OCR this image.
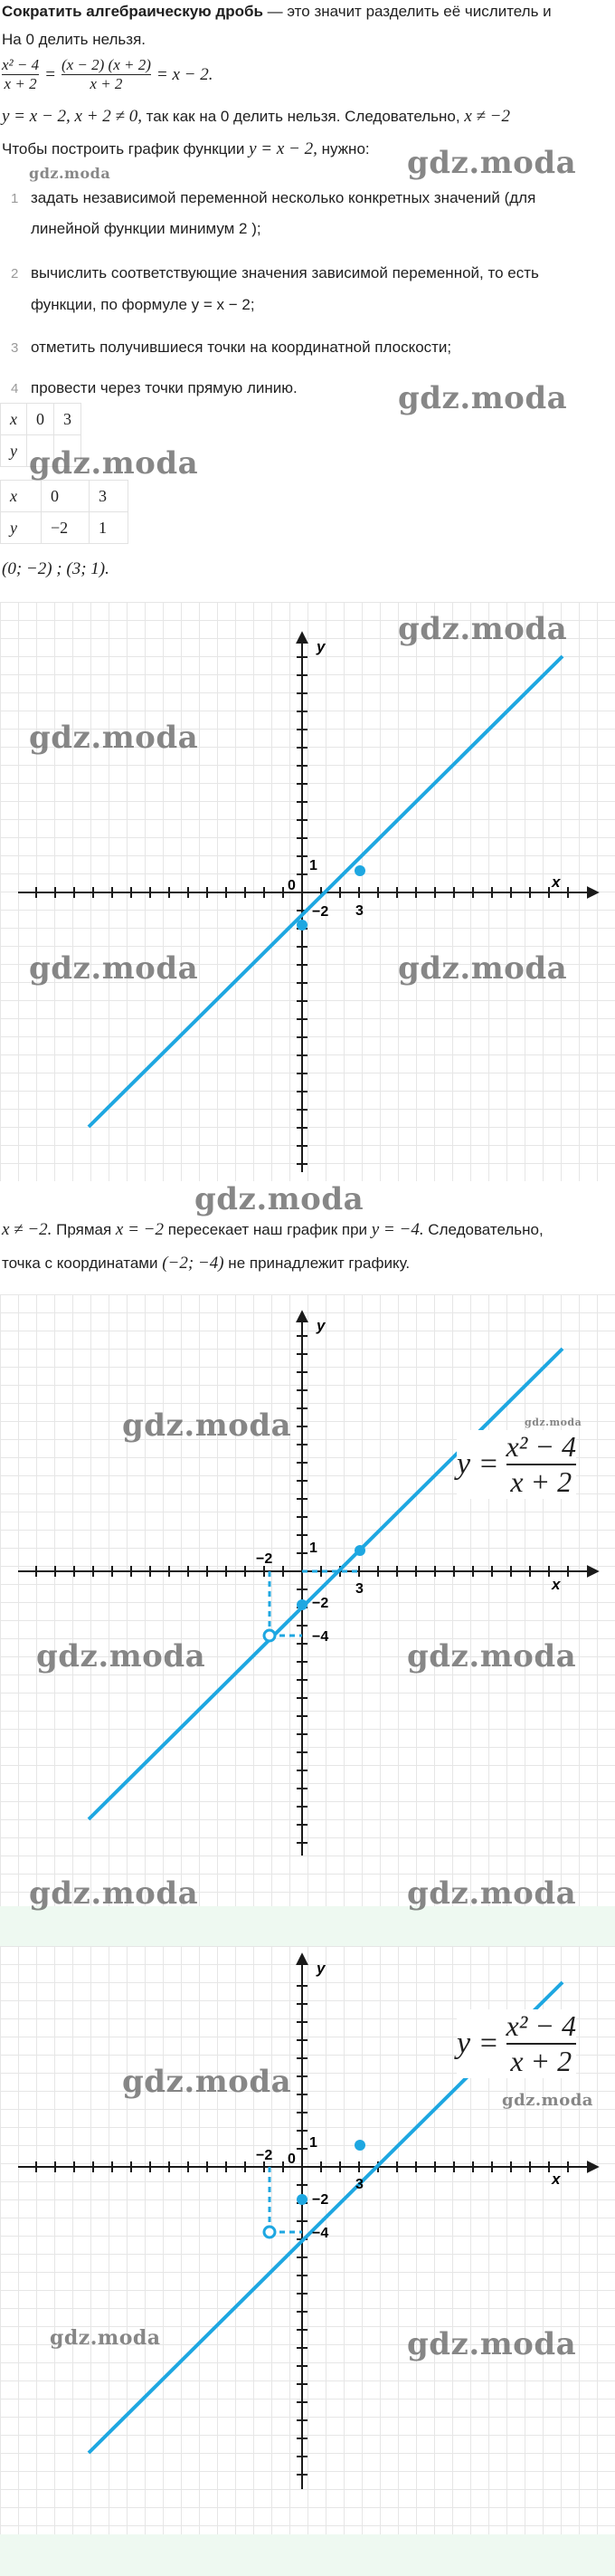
Сократить алгебраическую дробь — это значит разделить её числитель и
На 0 делить нельзя.
x² − 4
x + 2 = (x − 2) (x + 2)
x + 2 = x − 2.
y = x − 2, x + 2 ≠ 0, так как на 0 делить нельзя. Следовательно, x ≠ −2
Чтобы построить график функции y = x − 2, нужно:
1 задать независимой переменной несколько конкретных значений (для
линейной функции минимум 2 );
2 вычислить соответствующие значения зависимой переменной, то есть
функции, по формуле y = x − 2;
3 отметить получившиеся точки на координатной плоскости;
4 провести через точки прямую линию.
x	0	3
y		
x	0	3
y	−2	1
(0; −2) ; (3; 1).
gdz.moda
gdz.moda
gdz.moda
gdz.moda
x
y
0
3
1
−2
gdz.moda
gdz.moda
gdz.moda	gdz.moda
gdz.moda
x ≠ −2. Прямая x = −2 пересекает наш график при y = −4. Следовательно,
точка с координатами (−2; −4) не принадлежит графику.
x
y
−2
3
1
−2
−4
y =
x² − 4
x + 2
gdz.moda
gdz.moda
gdz.moda	gdz.moda
gdz.moda	gdz.moda
x
y
−2 0
3
1
−2
−4
y =
x² − 4
x + 2
gdz.moda
gdz.moda
gdz.moda	gdz.moda
